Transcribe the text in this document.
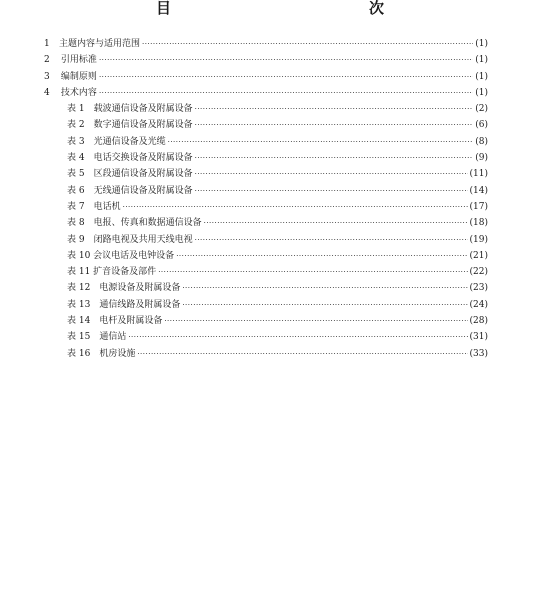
目　　次
1	主题内容与适用范围 ·····	(1)
2	引用标准 ·····	(1)
3	编制原则 ·····	(1)
4	技术内容 ·····	(1)
表 1　载波通信设备及附属设备 ·····	(2)
表 2　数字通信设备及附属设备 ·····	(6)
表 3　光通信设备及光缆 ·····	(8)
表 4　电话交换设备及附属设备 ·····	(9)
表 5　区段通信设备及附属设备 ·····	(11)
表 6　无线通信设备及附属设备 ·····	(14)
表 7　电话机 ·····	(17)
表 8　电报、传真和数据通信设备 ·····	(18)
表 9　闭路电视及共用天线电视 ·····	(19)
表 10 会议电话及电钟设备 ·····	(21)
表 11 扩音设备及部件 ·····	(22)
表 12　电源设备及附属设备 ·····	(23)
表 13　通信线路及附属设备 ·····	(24)
表 14　电杆及附属设备 ·····	(28)
表 15　通信站 ·····	(31)
表 16　机房设施 ·····	(33)
